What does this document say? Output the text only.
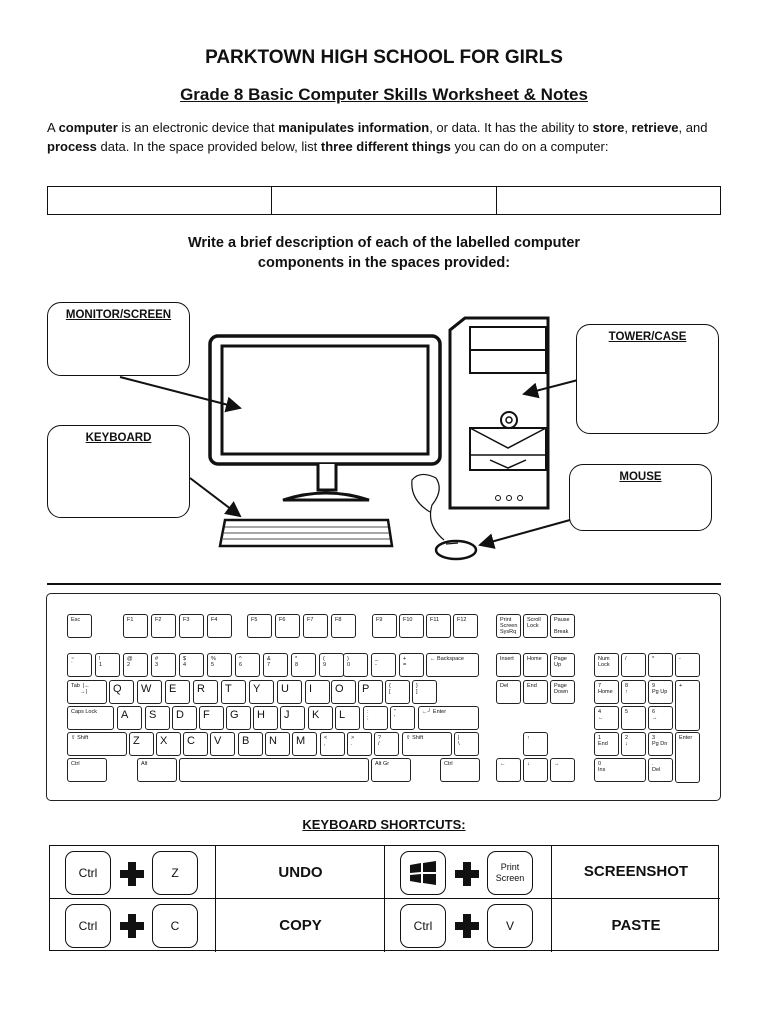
PARKTOWN HIGH SCHOOL FOR GIRLS
Grade 8 Basic Computer Skills Worksheet & Notes
A computer is an electronic device that manipulates information, or data. It has the ability to store, retrieve, and process data. In the space provided below, list three different things you can do on a computer:
Write a brief description of each of the labelled computer
components in the spaces provided:
MONITOR/SCREEN
KEYBOARD
TOWER/CASE
MOUSE
Esc	F1	F2	F3	F4	F5	F6	F7	F8	F9	F10	F11	F12	Print
Screen
SysRq
Scroll
Lock
Pause

Break
~
`
!
1
@
2
#
3
$
4
%
5
^
6
&
7
*
8
(
9
)
0
_
-
+
=
← Backspace	Insert	Home	Page
Up
Num
Lock
/	*	-
Tab  |←
→|	Q	W	E	R	T	Y	U	I	O	P	{
[
}
]
Del	End	Page
Down
7
Home
8
↑
9
Pg Up
+
Caps Lock	A	S	D	F	G	H	J	K	L	:
;
"
'
←┘ Enter	4
←
5	6
→
⇧ Shift	Z	X	C	V	B	N	M	<
,
>
.
?
/
⇧ Shift	|
\
↑	1
End
2
↓
3
Pg Dn
Enter
Ctrl	Alt	Alt Gr	Ctrl	←	↓	→	0
Ins
.
Del
KEYBOARD SHORTCUTS:
Ctrl	Z	UNDO	Print
Screen	SCREENSHOT
Ctrl	C	COPY	Ctrl	V	PASTE
